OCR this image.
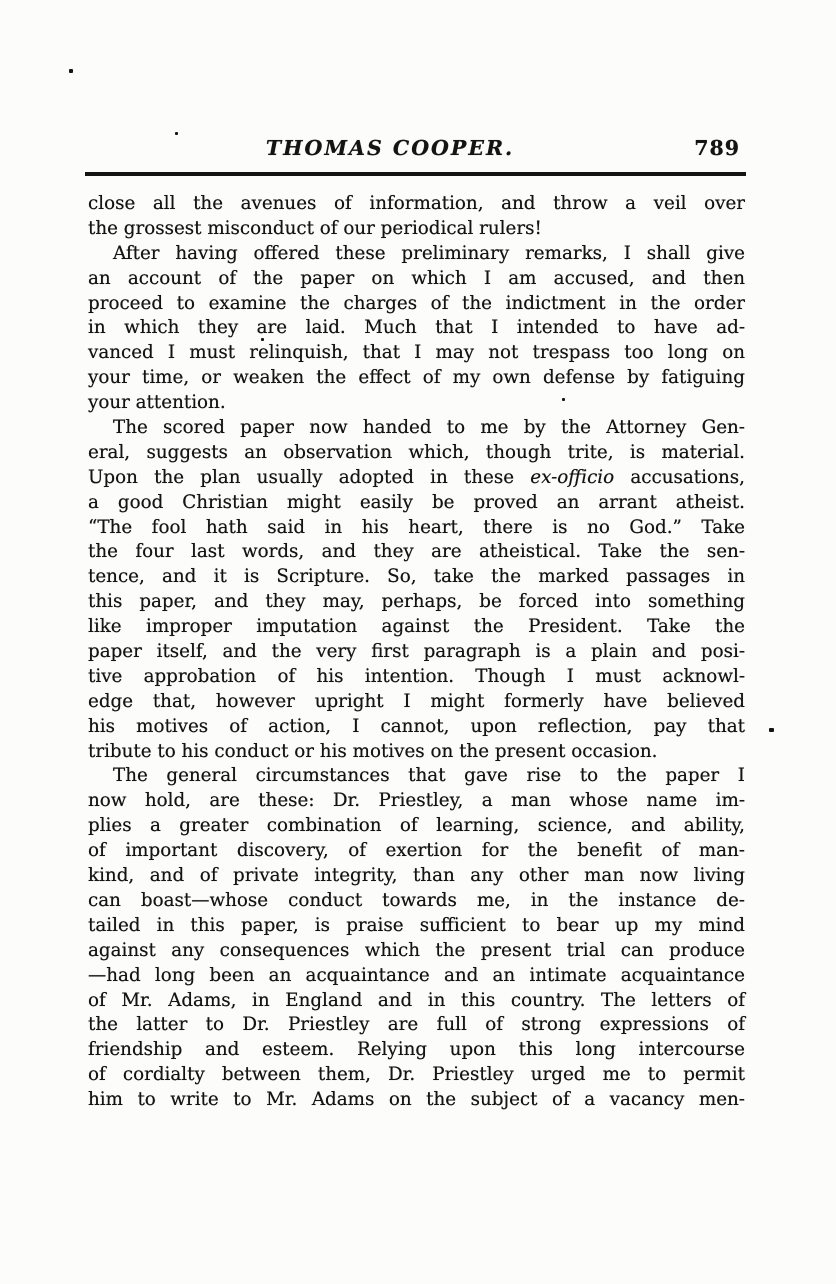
THOMAS COOPER.	789
close all the avenues of information, and throw a veil over
the grossest misconduct of our periodical rulers!
After having offered these preliminary remarks, I shall give
an account of the paper on which I am accused, and then
proceed to examine the charges of the indictment in the order
in which they are laid. Much that I intended to have ad-
vanced I must relinquish, that I may not trespass too long on
your time, or weaken the effect of my own defense by fatiguing
your attention.
The scored paper now handed to me by the Attorney Gen-
eral, suggests an observation which, though trite, is material.
Upon the plan usually adopted in these ex-officio accusations,
a good Christian might easily be proved an arrant atheist.
“The fool hath said in his heart, there is no God.” Take
the four last words, and they are atheistical. Take the sen-
tence, and it is Scripture. So, take the marked passages in
this paper, and they may, perhaps, be forced into something
like improper imputation against the President. Take the
paper itself, and the very first paragraph is a plain and posi-
tive approbation of his intention. Though I must acknowl-
edge that, however upright I might formerly have believed
his motives of action, I cannot, upon reflection, pay that
tribute to his conduct or his motives on the present occasion.
The general circumstances that gave rise to the paper I
now hold, are these: Dr. Priestley, a man whose name im-
plies a greater combination of learning, science, and ability,
of important discovery, of exertion for the benefit of man-
kind, and of private integrity, than any other man now living
can boast—whose conduct towards me, in the instance de-
tailed in this paper, is praise sufficient to bear up my mind
against any consequences which the present trial can produce
—had long been an acquaintance and an intimate acquaintance
of Mr. Adams, in England and in this country. The letters of
the latter to Dr. Priestley are full of strong expressions of
friendship and esteem. Relying upon this long intercourse
of cordialty between them, Dr. Priestley urged me to permit
him to write to Mr. Adams on the subject of a vacancy men-
